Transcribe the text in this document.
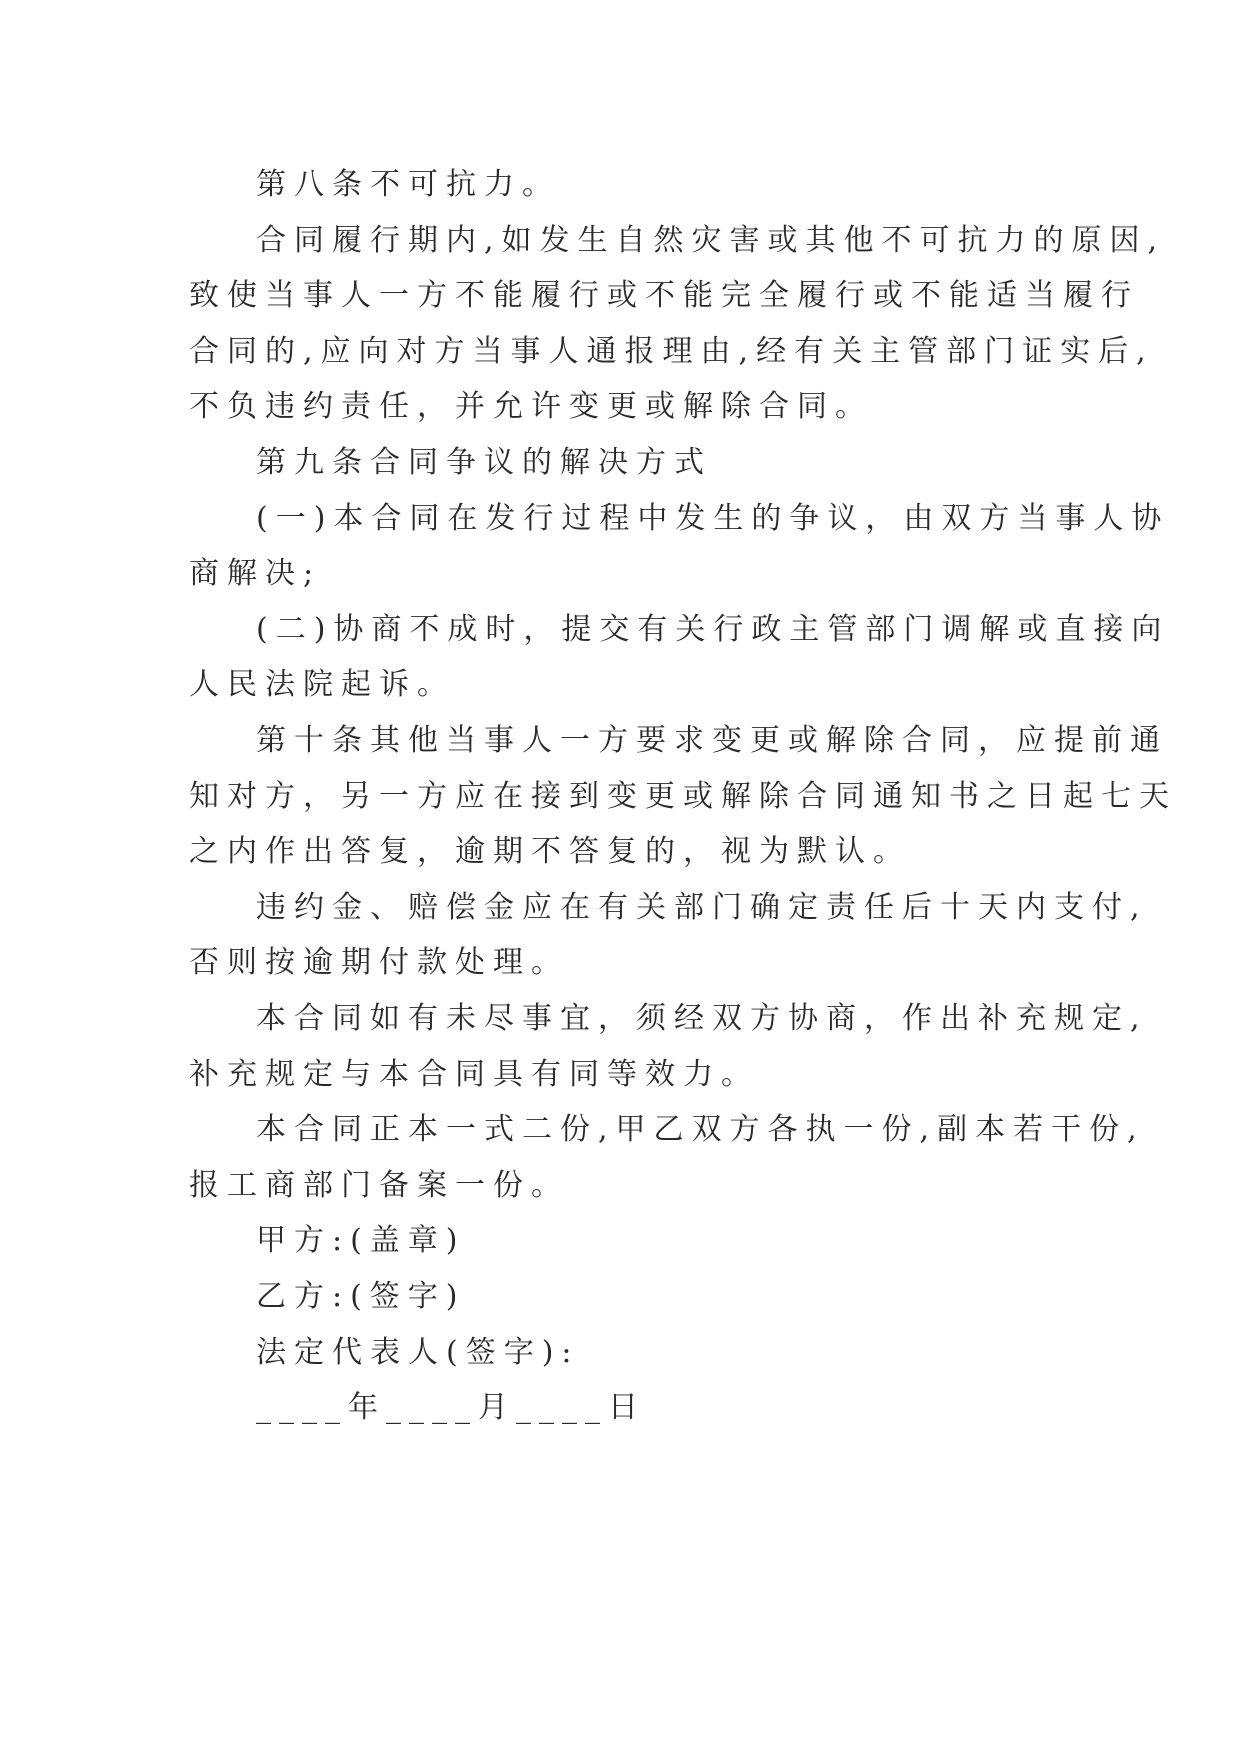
第八条不可抗力。

合同履行期内,如发生自然灾害或其他不可抗力的原因,

致使当事人一方不能履行或不能完全履行或不能适当履行

合同的,应向对方当事人通报理由,经有关主管部门证实后,

不负违约责任，并允许变更或解除合同。

第九条合同争议的解决方式

(一)本合同在发行过程中发生的争议，由双方当事人协

商解决;

(二)协商不成时，提交有关行政主管部门调解或直接向

人民法院起诉。

第十条其他当事人一方要求变更或解除合同，应提前通

知对方，另一方应在接到变更或解除合同通知书之日起七天

之内作出答复，逾期不答复的，视为默认。

违约金、赔偿金应在有关部门确定责任后十天内支付,

否则按逾期付款处理。

本合同如有未尽事宜，须经双方协商，作出补充规定,

补充规定与本合同具有同等效力。

本合同正本一式二份,甲乙双方各执一份,副本若干份,

报工商部门备案一份。

甲方:(盖章)

乙方:(签字)

法定代表人(签字):

____年____月____日
